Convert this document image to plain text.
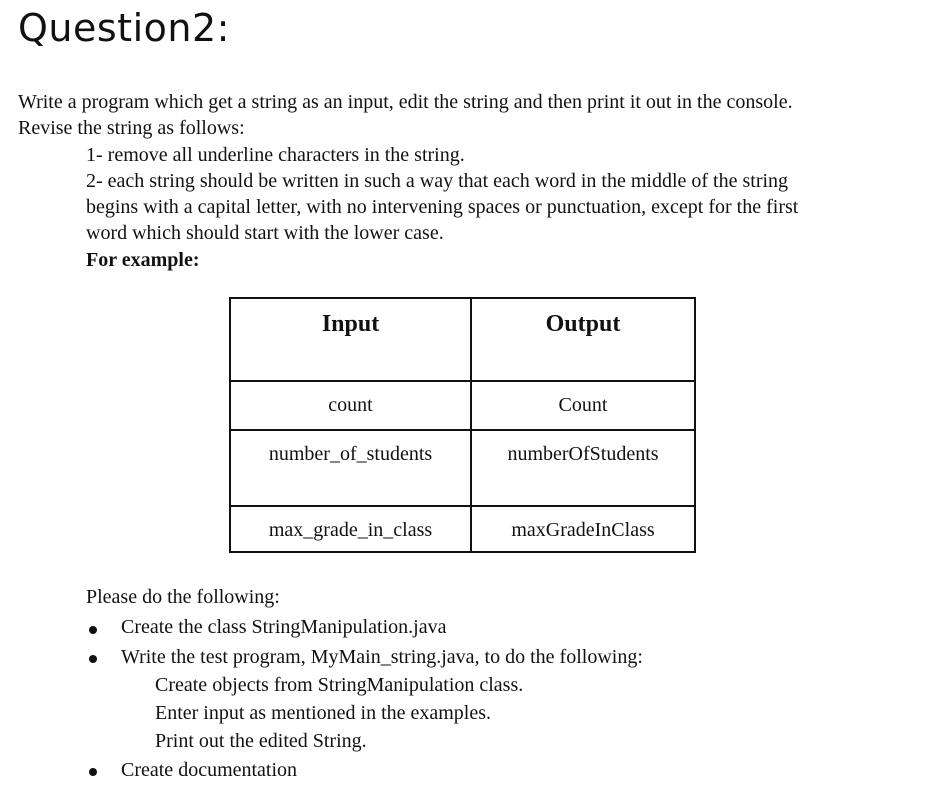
Question2:
Write a program which get a string as an input, edit the string and then print it out in the console.
Revise the string as follows:
1- remove all underline characters in the string.
2- each string should be written in such a way that each word in the middle of the string
begins with a capital letter, with no intervening spaces or punctuation, except for the first
word which should start with the lower case.
For example:
Input	Output
count	Count
number_of_students	numberOfStudents
max_grade_in_class	maxGradeInClass
Please do the following:
Create the class StringManipulation.java
Write the test program, MyMain_string.java, to do the following:
Create objects from StringManipulation class.
Enter input as mentioned in the examples.
Print out the edited String.
Create documentation
